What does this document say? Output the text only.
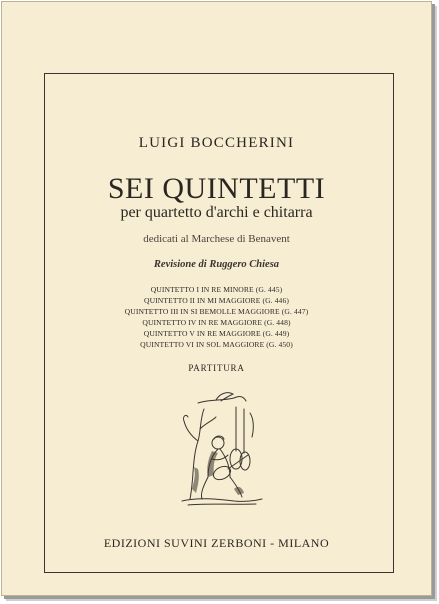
LUIGI BOCCHERINI
SEI QUINTETTI
per quartetto d'archi e chitarra
dedicati al Marchese di Benavent
Revisione di Ruggero Chiesa
QUINTETTO I IN RE MINORE (G. 445)
QUINTETTO II IN MI MAGGIORE (G. 446)
QUINTETTO III IN SI BEMOLLE MAGGIORE (G. 447)
QUINTETTO IV IN RE MAGGIORE (G. 448)
QUINTETTO V IN RE MAGGIORE (G. 449)
QUINTETTO VI IN SOL MAGGIORE (G. 450)
PARTITURA
EDIZIONI SUVINI ZERBONI - MILANO
